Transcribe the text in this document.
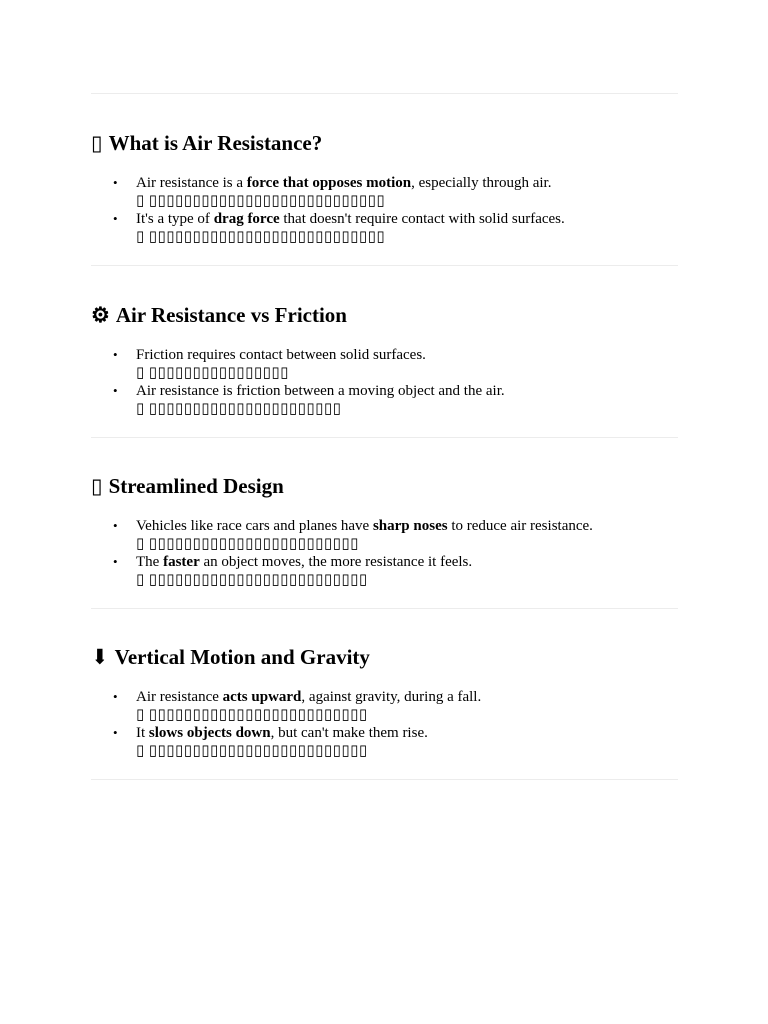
▯ What is Air Resistance?
• Air resistance is a force that opposes motion, especially through air.
▯ ▯▯▯▯▯▯▯▯▯▯▯▯▯▯▯▯▯▯▯▯▯▯▯▯▯▯▯
• It's a type of drag force that doesn't require contact with solid surfaces.
▯ ▯▯▯▯▯▯▯▯▯▯▯▯▯▯▯▯▯▯▯▯▯▯▯▯▯▯▯
⚙ Air Resistance vs Friction
• Friction requires contact between solid surfaces.
▯ ▯▯▯▯▯▯▯▯▯▯▯▯▯▯▯▯
• Air resistance is friction between a moving object and the air.
▯ ▯▯▯▯▯▯▯▯▯▯▯▯▯▯▯▯▯▯▯▯▯▯
▯ Streamlined Design
• Vehicles like race cars and planes have sharp noses to reduce air resistance.
▯ ▯▯▯▯▯▯▯▯▯▯▯▯▯▯▯▯▯▯▯▯▯▯▯▯
• The faster an object moves, the more resistance it feels.
▯ ▯▯▯▯▯▯▯▯▯▯▯▯▯▯▯▯▯▯▯▯▯▯▯▯▯
⬇ Vertical Motion and Gravity
• Air resistance acts upward, against gravity, during a fall.
▯ ▯▯▯▯▯▯▯▯▯▯▯▯▯▯▯▯▯▯▯▯▯▯▯▯▯
• It slows objects down, but can't make them rise.
▯ ▯▯▯▯▯▯▯▯▯▯▯▯▯▯▯▯▯▯▯▯▯▯▯▯▯
